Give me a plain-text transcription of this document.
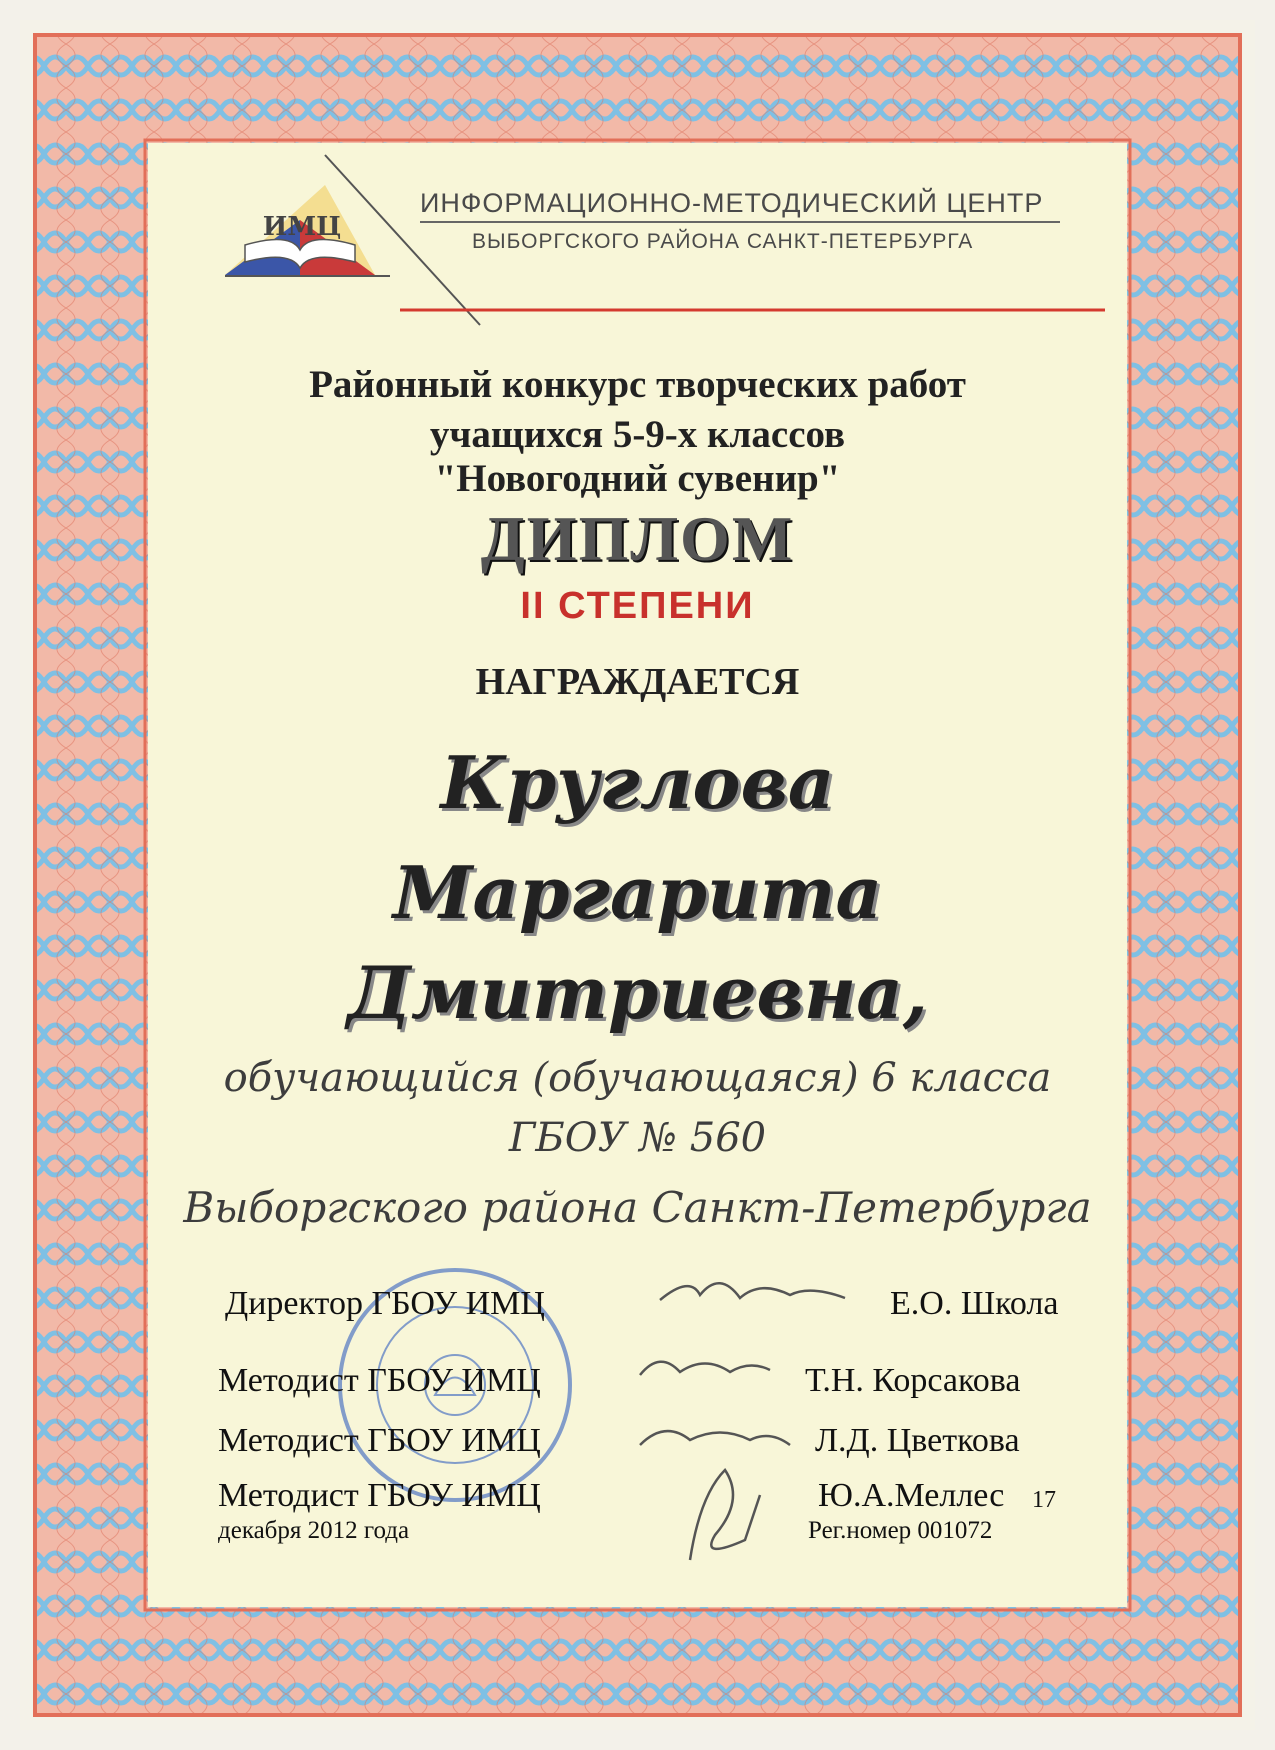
ИНФОРМАЦИОННО-МЕТОДИЧЕСКИЙ ЦЕНТР
ВЫБОРГСКОГО РАЙОНА САНКТ-ПЕТЕРБУРГА
ИМЦ
Районный конкурс творческих работ
учащихся 5-9-х классов
"Новогодний сувенир"
ДИПЛОМ
II СТЕПЕНИ
НАГРАЖДАЕТСЯ
Круглова
Маргарита
Дмитриевна,
обучающийся (обучающаяся) 6 класса
ГБОУ № 560
Выборгского района Санкт-Петербурга
Директор ГБОУ ИМЦ	Е.О. Школа
Методист ГБОУ ИМЦ	Т.Н. Корсакова
Методист ГБОУ ИМЦ	Л.Д. Цветкова
Методист ГБОУ ИМЦ	Ю.А.Меллес 17
декабря 2012 года	Рег.номер 001072
